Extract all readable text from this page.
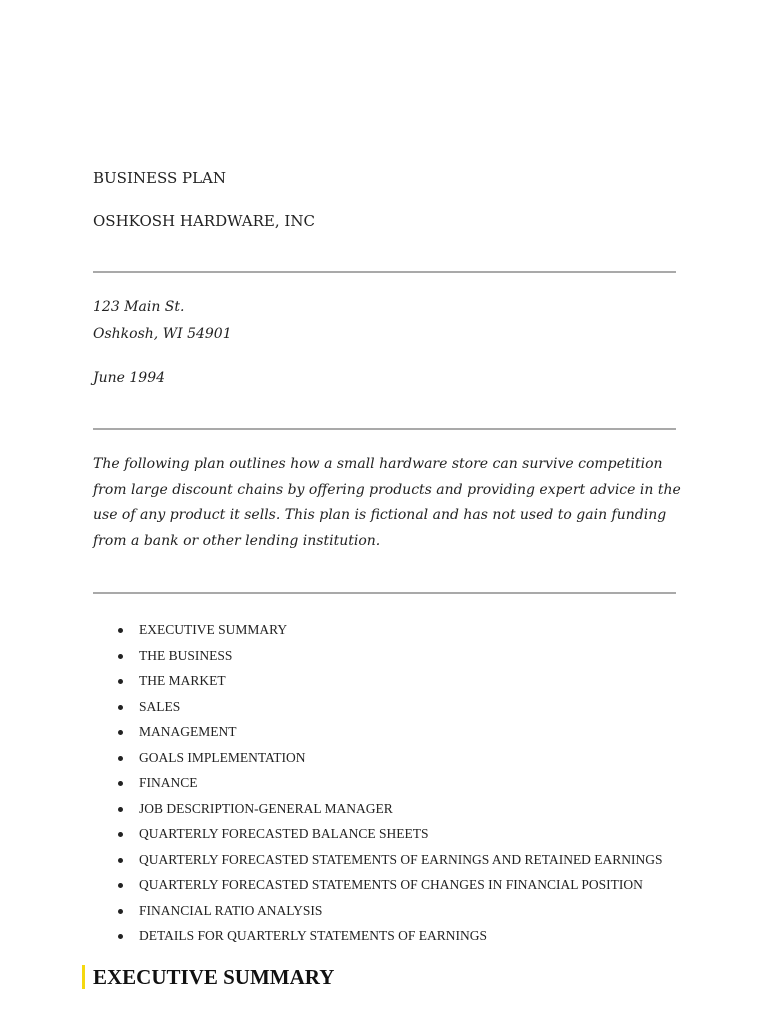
BUSINESS PLAN
OSHKOSH HARDWARE, INC
123 Main St.
Oshkosh, WI 54901
June 1994
The following plan outlines how a small hardware store can survive competition
from large discount chains by offering products and providing expert advice in the
use of any product it sells. This plan is fictional and has not used to gain funding
from a bank or other lending institution.
EXECUTIVE SUMMARY
THE BUSINESS
THE MARKET
SALES
MANAGEMENT
GOALS IMPLEMENTATION
FINANCE
JOB DESCRIPTION-GENERAL MANAGER
QUARTERLY FORECASTED BALANCE SHEETS
QUARTERLY FORECASTED STATEMENTS OF EARNINGS AND RETAINED EARNINGS
QUARTERLY FORECASTED STATEMENTS OF CHANGES IN FINANCIAL POSITION
FINANCIAL RATIO ANALYSIS
DETAILS FOR QUARTERLY STATEMENTS OF EARNINGS
EXECUTIVE SUMMARY
